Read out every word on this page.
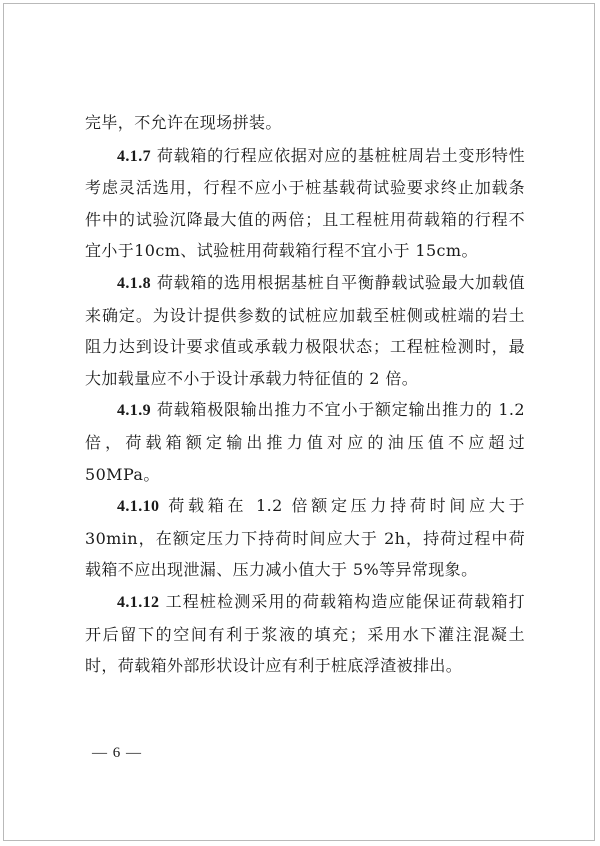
完毕，不允许在现场拼装。

4.1.7 荷载箱的行程应依据对应的基桩桩周岩土变形特性考虑灵活选用，行程不应小于桩基载荷试验要求终止加载条件中的试验沉降最大值的两倍；且工程桩用荷载箱的行程不宜小于10cm、试验桩用荷载箱行程不宜小于 15cm。

4.1.8 荷载箱的选用根据基桩自平衡静载试验最大加载值来确定。为设计提供参数的试桩应加载至桩侧或桩端的岩土阻力达到设计要求值或承载力极限状态；工程桩检测时，最大加载量应不小于设计承载力特征值的 2 倍。

4.1.9 荷载箱极限输出推力不宜小于额定输出推力的 1.2 倍，荷载箱额定输出推力值对应的油压值不应超过 50MPa。

4.1.10 荷载箱在 1.2 倍额定压力持荷时间应大于 30min，在额定压力下持荷时间应大于 2h，持荷过程中荷载箱不应出现泄漏、压力减小值大于 5%等异常现象。

4.1.12 工程桩检测采用的荷载箱构造应能保证荷载箱打开后留下的空间有利于浆液的填充；采用水下灌注混凝土时，荷载箱外部形状设计应有利于桩底浮渣被排出。

— 6 —
